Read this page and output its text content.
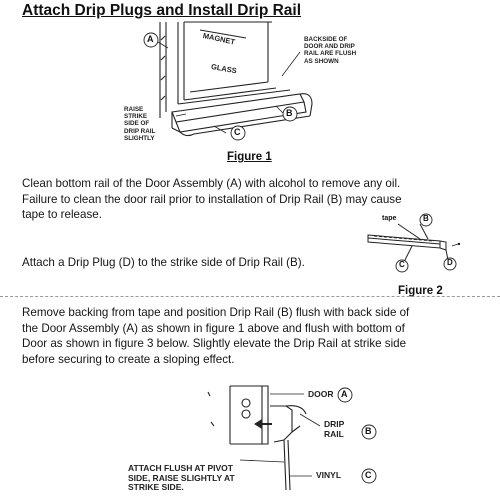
Attach Drip Plugs and Install Drip Rail
A
B
C
MAGNET
GLASS
BACKSIDE OF
DOOR AND DRIP
RAIL ARE FLUSH
AS SHOWN
RAISE
STRIKE
SIDE OF
DRIP RAIL
SLIGHTLY
Figure 1
Clean bottom rail of the Door Assembly (A) with alcohol to remove any oil.
Failure to clean the door rail prior to installation of Drip Rail (B) may cause
tape to release.
Attach a Drip Plug (D) to the strike side of Drip Rail (B).
tape	B
C	D
Figure 2
Remove backing from tape and position Drip Rail (B) flush with back side of
the Door Assembly (A) as shown in figure 1 above and flush with bottom of
Door as shown in figure 3 below. Slightly elevate the Drip Rail at strike side
before securing to create a sloping effect.
DOOR A
DRIP
RAIL B
VINYL	C
ATTACH FLUSH AT PIVOT
SIDE, RAISE SLIGHTLY AT
STRIKE SIDE.
